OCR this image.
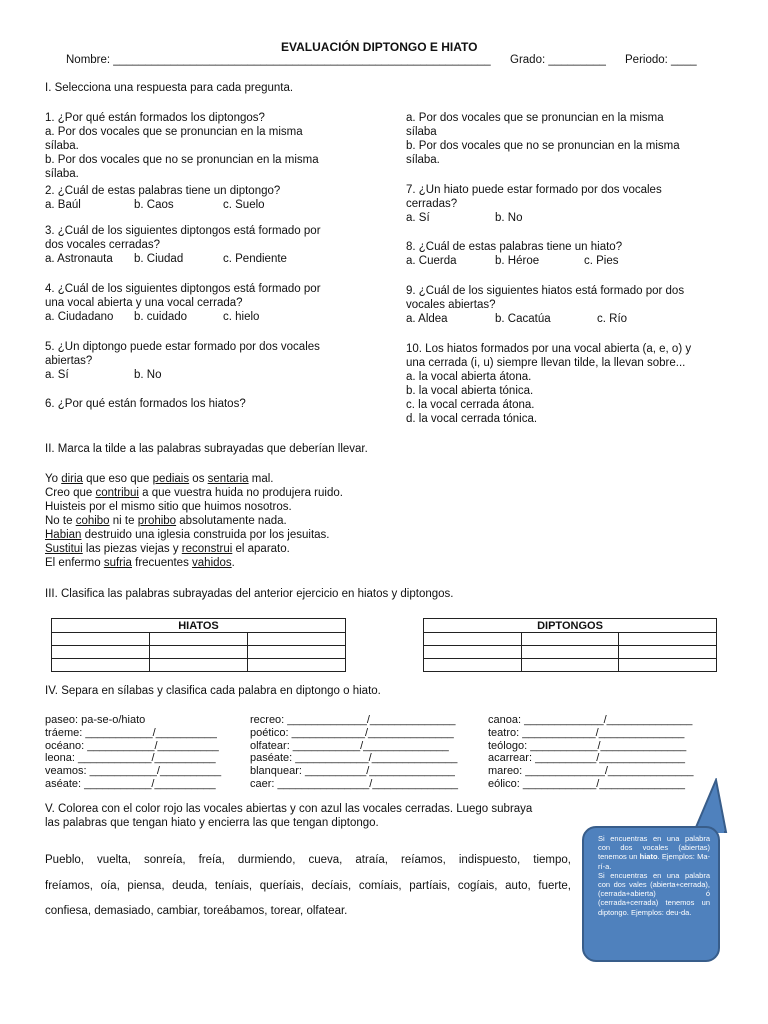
EVALUACIÓN DIPTONGO E HIATO
Nombre: ___________________________________________________________ Grado: _________ Periodo: ____
I. Selecciona una respuesta para cada pregunta.
1. ¿Por qué están formados los diptongos?
a. Por dos vocales que se pronuncian en la misma
sílaba.
b. Por dos vocales que no se pronuncian en la misma
sílaba.
2. ¿Cuál de estas palabras tiene un diptongo?
a. Baúl	b. Caos	c. Suelo
3. ¿Cuál de los siguientes diptongos está formado por
dos vocales cerradas?
a. Astronauta b. Ciudad	c. Pendiente
4. ¿Cuál de los siguientes diptongos está formado por
una vocal abierta y una vocal cerrada?
a. Ciudadano b. cuidado	c. hielo
5. ¿Un diptongo puede estar formado por dos vocales
abiertas?
a. Sí	b. No
6. ¿Por qué están formados los hiatos?
a. Por dos vocales que se pronuncian en la misma
sílaba
b. Por dos vocales que no se pronuncian en la misma
sílaba.
7. ¿Un hiato puede estar formado por dos vocales
cerradas?
a. Sí	b. No
8. ¿Cuál de estas palabras tiene un hiato?
a. Cuerda	b. Héroe	c. Pies
9. ¿Cuál de los siguientes hiatos está formado por dos
vocales abiertas?
a. Aldea	b. Cacatúa	c. Río
10. Los hiatos formados por una vocal abierta (a, e, o) y
una cerrada (i, u) siempre llevan tilde, la llevan sobre...
a. la vocal abierta átona.
b. la vocal abierta tónica.
c. la vocal cerrada átona.
d. la vocal cerrada tónica.
II. Marca la tilde a las palabras subrayadas que deberían llevar.
Yo diria que eso que pediais os sentaria mal.
Creo que contribui a que vuestra huida no produjera ruido.
Huisteis por el mismo sitio que huimos nosotros.
No te cohibo ni te prohibo absolutamente nada.
Habian destruido una iglesia construida por los jesuitas.
Sustitui las piezas viejas y reconstrui el aparato.
El enfermo sufria frecuentes vahidos.
III. Clasifica las palabras subrayadas del anterior ejercicio en hiatos y diptongos.
HIATOS		

			DIPTONGOS		

IV. Separa en sílabas y clasifica cada palabra en diptongo o hiato.
paseo: pa-se-o/hiato
tráeme: ___________/__________
océano: ___________/__________
leona: ____________/__________
veamos: ___________/__________
aséate: ___________/__________
recreo: _____________/______________
poético: ____________/______________
olfatear: ___________/______________
paséate: ____________/______________
blanquear: __________/______________
caer: _______________/______________
canoa: _____________/______________
teatro: ____________/______________
teólogo: ___________/______________
acarrear: __________/______________
mareo: _____________/______________
eólico: ____________/______________
V. Colorea con el color rojo las vocales abiertas y con azul las vocales cerradas. Luego subraya
las palabras que tengan hiato y encierra las que tengan diptongo.
Pueblo, vuelta, sonreía, freía, durmiendo, cueva, atraía, reíamos, indispuesto, tiempo,
freíamos, oía, piensa, deuda, teníais, queríais, decíais, comíais, partíais, cogíais, auto, fuerte,
confiesa, demasiado, cambiar, toreábamos, torear, olfatear.
Si encuentras en una palabra con dos vocales (abiertas) tenemos un hiato. Ejemplos: Ma-rí-a.
Si encuentras en una palabra con dos vales (abierta+cerrada), (cerrada+abierta) ó (cerrada+cerrada) tenemos un diptongo. Ejemplos: deu-da.
